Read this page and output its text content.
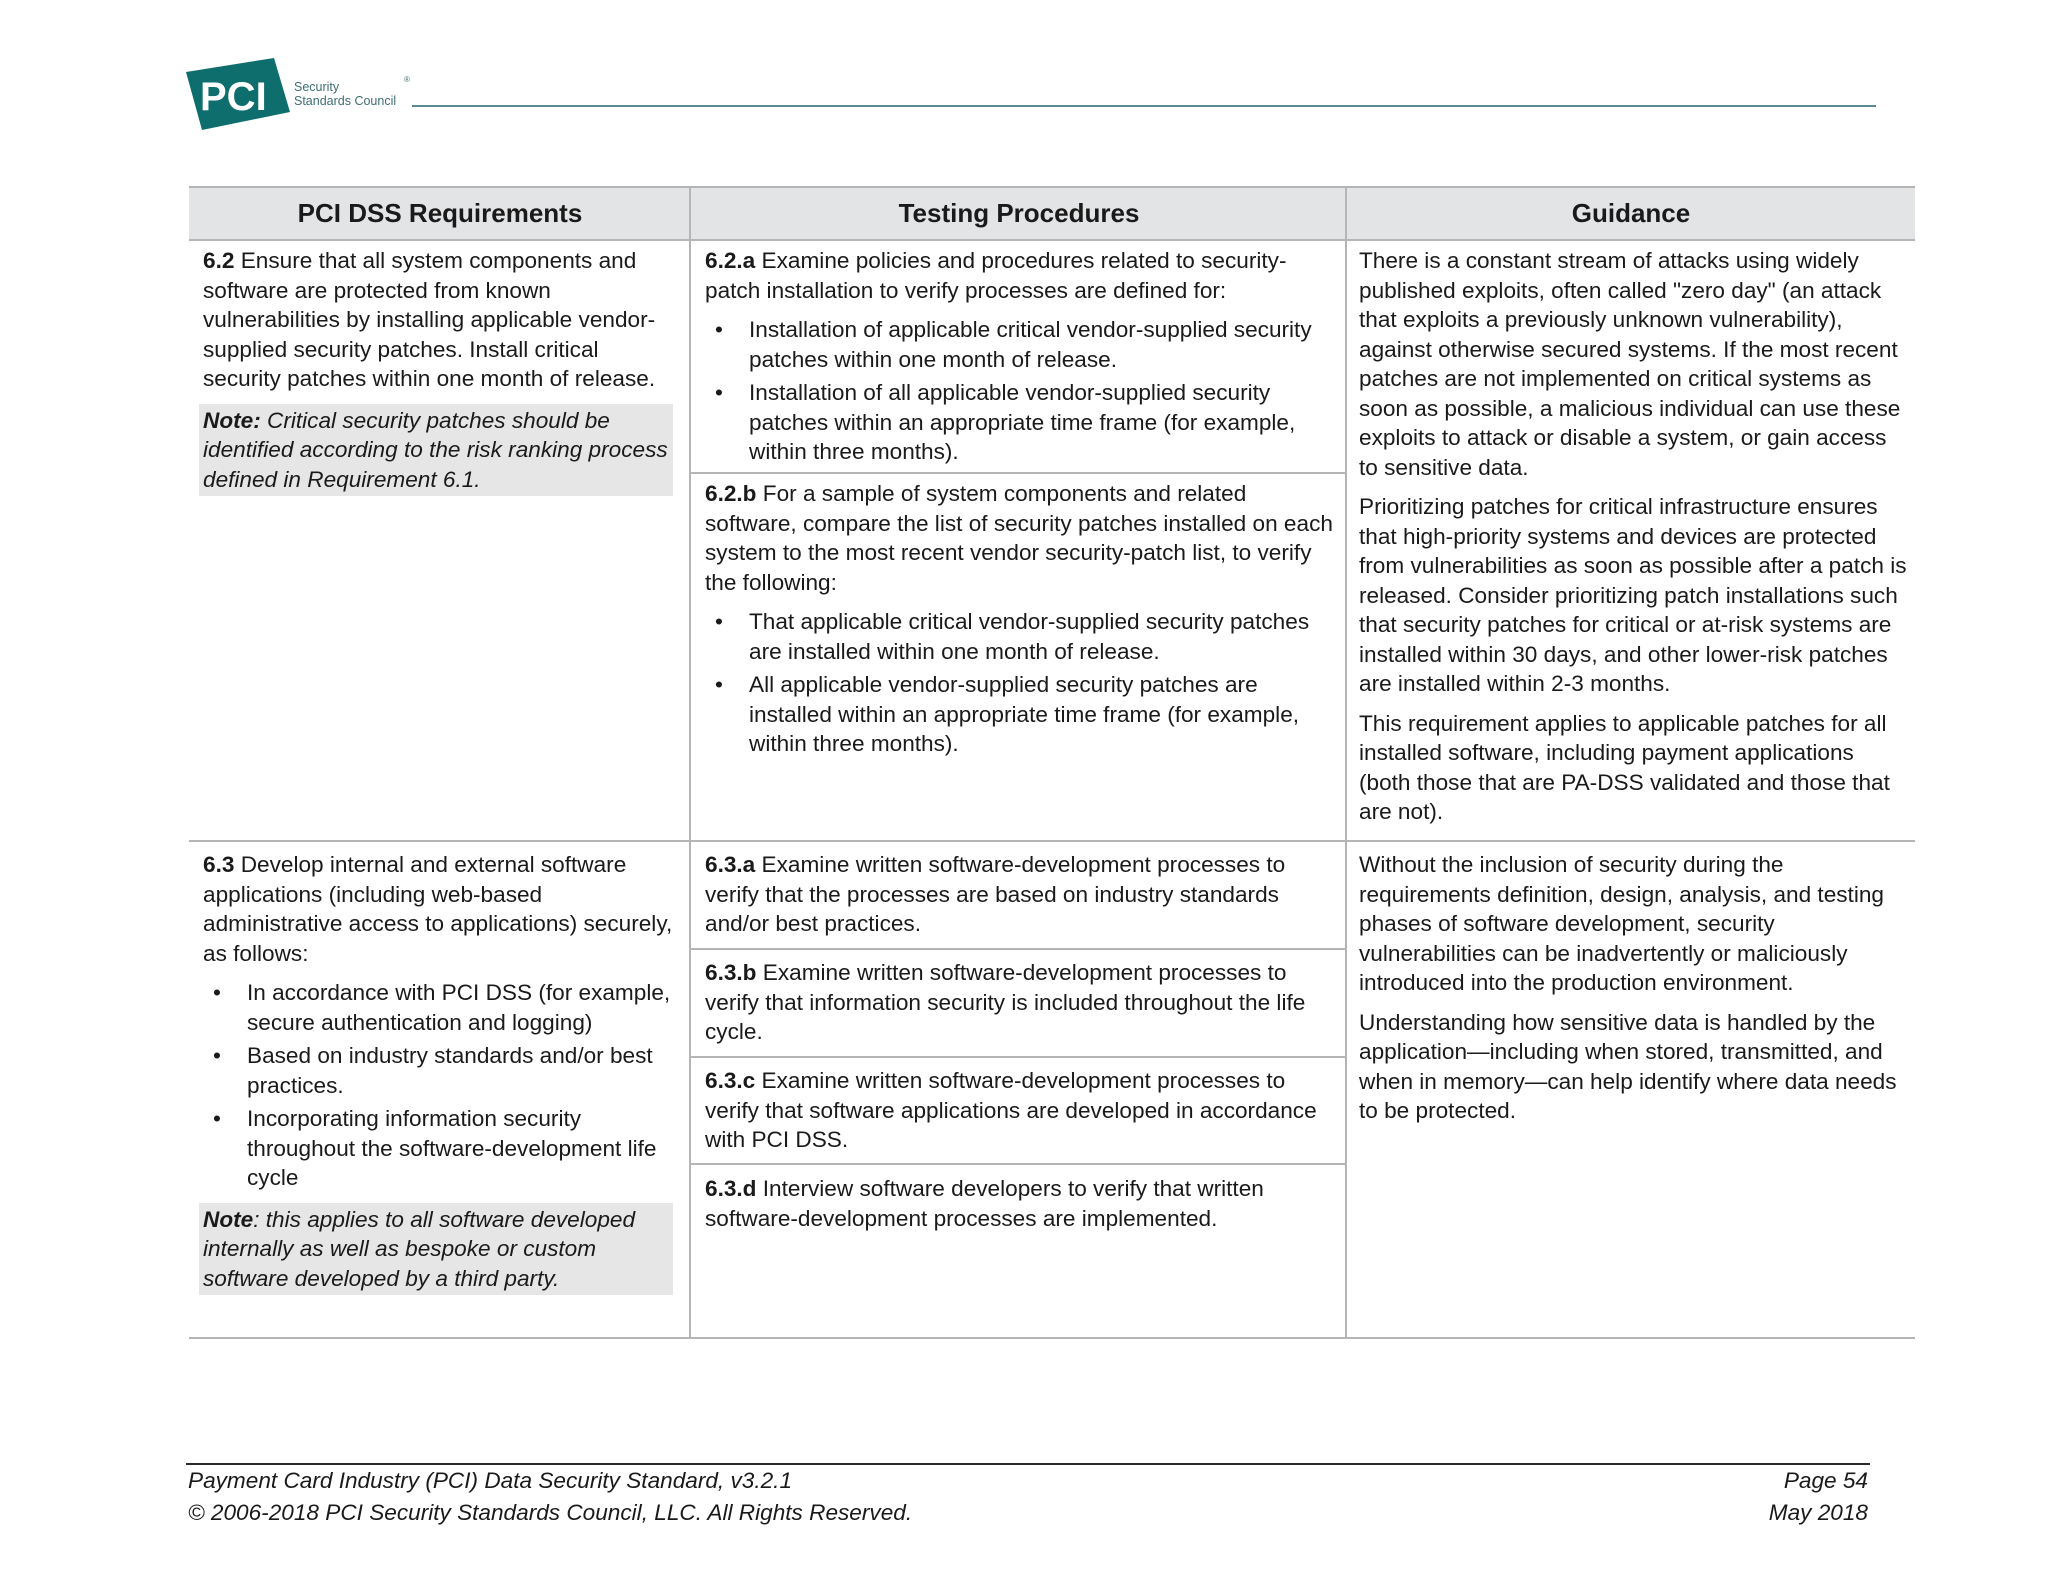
PCI Security
Standards Council
®
PCI DSS Requirements	Testing Procedures	Guidance

6.2 Ensure that all system components and software are protected from known vulnerabilities by installing applicable vendor-supplied security patches. Install critical security patches within one month of release.

Note: Critical security patches should be identified according to the risk ranking process defined in Requirement 6.1.

6.2.a Examine policies and procedures related to security-patch installation to verify processes are defined for:

• Installation of applicable critical vendor-supplied security patches within one month of release.
• Installation of all applicable vendor-supplied security patches within an appropriate time frame (for example, within three months).

6.2.b For a sample of system components and related software, compare the list of security patches installed on each system to the most recent vendor security-patch list, to verify the following:

• That applicable critical vendor-supplied security patches are installed within one month of release.
• All applicable vendor-supplied security patches are installed within an appropriate time frame (for example, within three months).

There is a constant stream of attacks using widely published exploits, often called "zero day" (an attack that exploits a previously unknown vulnerability), against otherwise secured systems. If the most recent patches are not implemented on critical systems as soon as possible, a malicious individual can use these exploits to attack or disable a system, or gain access to sensitive data.

Prioritizing patches for critical infrastructure ensures that high-priority systems and devices are protected from vulnerabilities as soon as possible after a patch is released. Consider prioritizing patch installations such that security patches for critical or at-risk systems are installed within 30 days, and other lower-risk patches are installed within 2-3 months.

This requirement applies to applicable patches for all installed software, including payment applications (both those that are PA-DSS validated and those that are not).

6.3 Develop internal and external software applications (including web-based administrative access to applications) securely, as follows:

• In accordance with PCI DSS (for example, secure authentication and logging)
• Based on industry standards and/or best practices.
• Incorporating information security throughout the software-development life cycle
Note: this applies to all software developed internally as well as bespoke or custom software developed by a third party.

6.3.a Examine written software-development processes to verify that the processes are based on industry standards and/or best practices.

6.3.b Examine written software-development processes to verify that information security is included throughout the life cycle.

6.3.c Examine written software-development processes to verify that software applications are developed in accordance with PCI DSS.

6.3.d Interview software developers to verify that written software-development processes are implemented.

Without the inclusion of security during the requirements definition, design, analysis, and testing phases of software development, security vulnerabilities can be inadvertently or maliciously introduced into the production environment.

Understanding how sensitive data is handled by the application—including when stored, transmitted, and when in memory—can help identify where data needs to be protected.

Payment Card Industry (PCI) Data Security Standard, v3.2.1
© 2006-2018 PCI Security Standards Council, LLC. All Rights Reserved.
Page 54
May 2018
